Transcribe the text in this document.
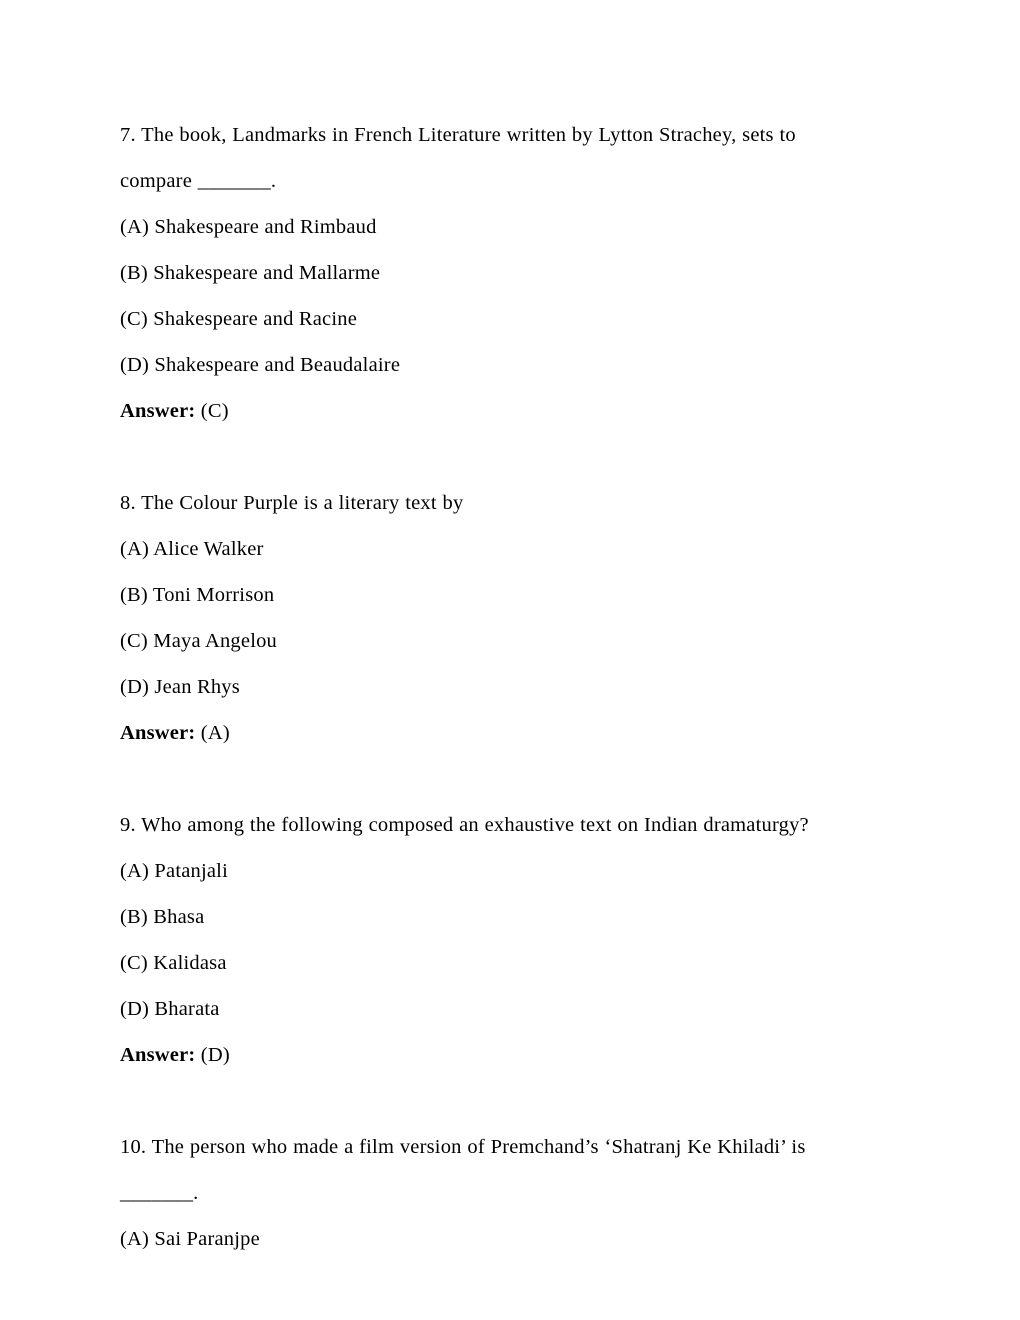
7. The book, Landmarks in French Literature written by Lytton Strachey, sets to compare _______.

(A) Shakespeare and Rimbaud

(B) Shakespeare and Mallarme

(C) Shakespeare and Racine

(D) Shakespeare and Beaudalaire

Answer: (C)

8. The Colour Purple is a literary text by

(A) Alice Walker

(B) Toni Morrison

(C) Maya Angelou

(D) Jean Rhys

Answer: (A)

9. Who among the following composed an exhaustive text on Indian dramaturgy?

(A) Patanjali

(B) Bhasa

(C) Kalidasa

(D) Bharata

Answer: (D)

10. The person who made a film version of Premchand’s ‘Shatranj Ke Khiladi’ is _______.

(A) Sai Paranjpe
